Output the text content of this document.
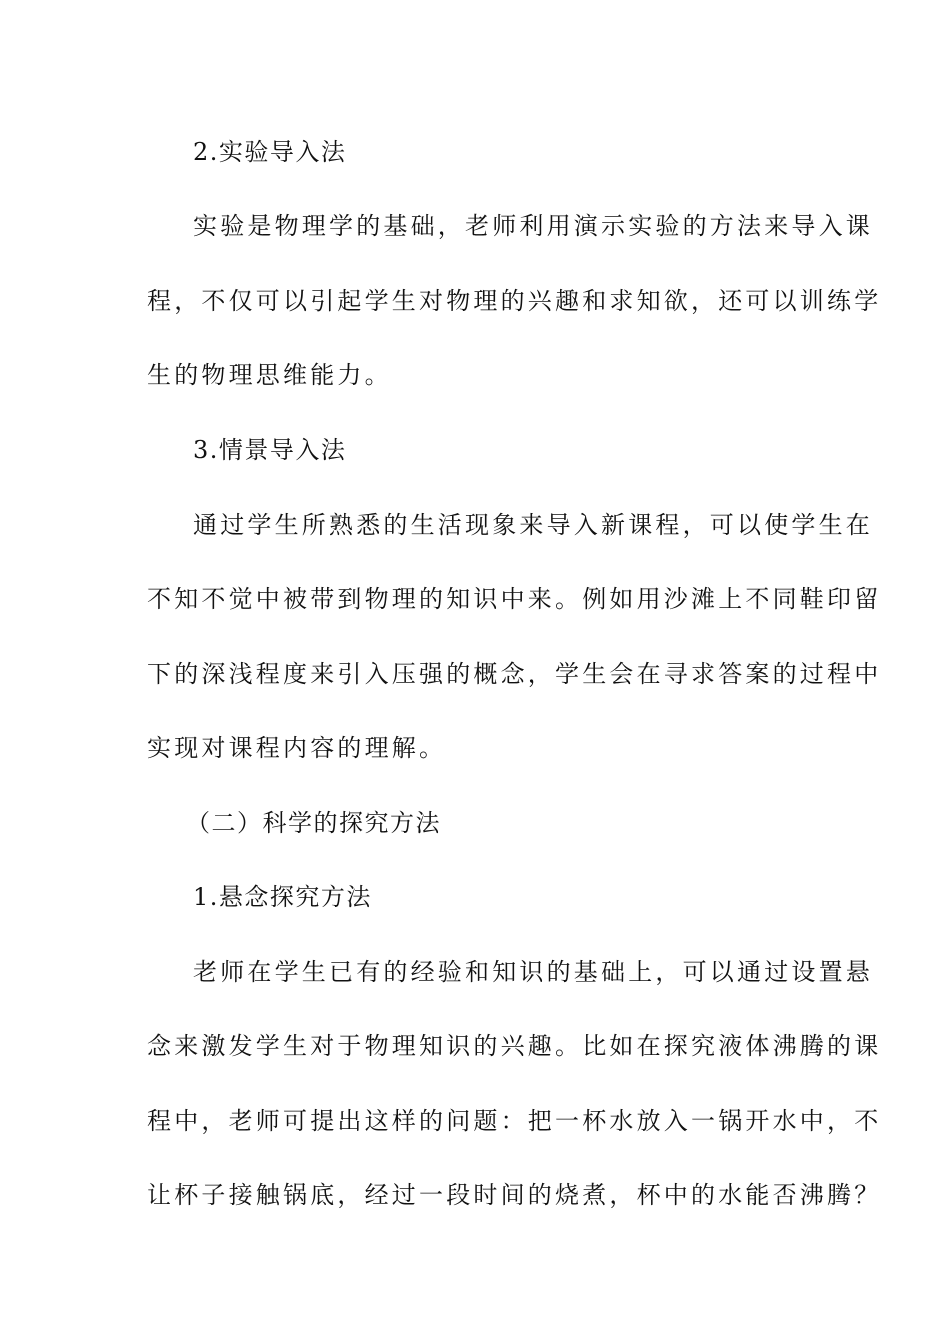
2.实验导入法
实验是物理学的基础，老师利用演示实验的方法来导入课
程，不仅可以引起学生对物理的兴趣和求知欲，还可以训练学
生的物理思维能力。
3.情景导入法
通过学生所熟悉的生活现象来导入新课程，可以使学生在
不知不觉中被带到物理的知识中来。例如用沙滩上不同鞋印留
下的深浅程度来引入压强的概念，学生会在寻求答案的过程中
实现对课程内容的理解。
（二）科学的探究方法
1.悬念探究方法
老师在学生已有的经验和知识的基础上，可以通过设置悬
念来激发学生对于物理知识的兴趣。比如在探究液体沸腾的课
程中，老师可提出这样的问题：把一杯水放入一锅开水中，不
让杯子接触锅底，经过一段时间的烧煮，杯中的水能否沸腾？
